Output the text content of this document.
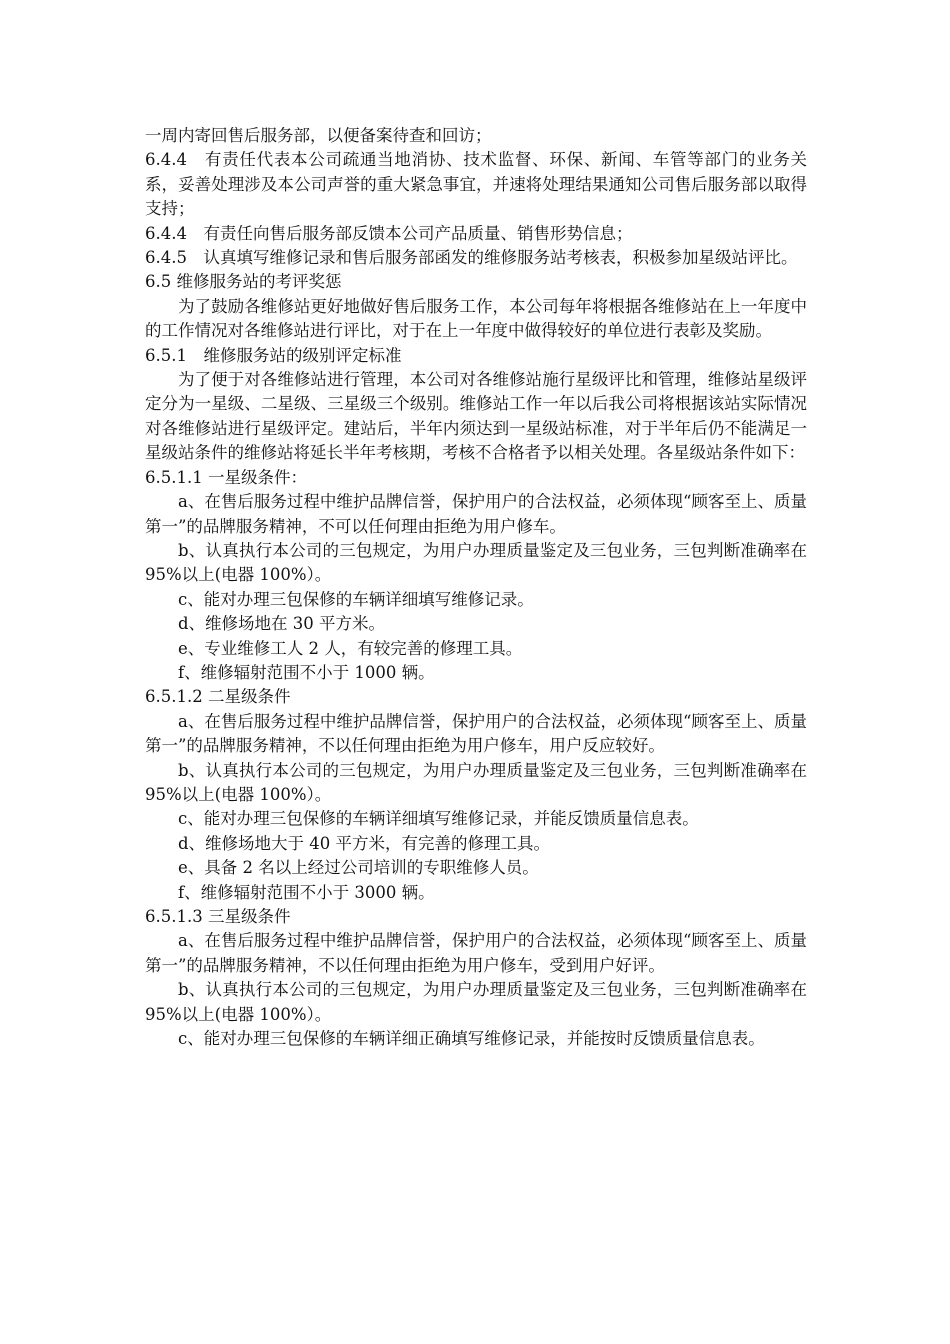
一周内寄回售后服务部，以便备案待查和回访；

6.4.4　有责任代表本公司疏通当地消协、技术监督、环保、新闻、车管等部门的业务关系，妥善处理涉及本公司声誉的重大紧急事宜，并速将处理结果通知公司售后服务部以取得支持；

6.4.4　有责任向售后服务部反馈本公司产品质量、销售形势信息；

6.4.5　认真填写维修记录和售后服务部函发的维修服务站考核表，积极参加星级站评比。

6.5 维修服务站的考评奖惩

为了鼓励各维修站更好地做好售后服务工作，本公司每年将根据各维修站在上一年度中的工作情况对各维修站进行评比，对于在上一年度中做得较好的单位进行表彰及奖励。

6.5.1　维修服务站的级别评定标准

为了便于对各维修站进行管理，本公司对各维修站施行星级评比和管理，维修站星级评定分为一星级、二星级、三星级三个级别。维修站工作一年以后我公司将根据该站实际情况对各维修站进行星级评定。建站后，半年内须达到一星级站标准，对于半年后仍不能满足一星级站条件的维修站将延长半年考核期，考核不合格者予以相关处理。各星级站条件如下：

6.5.1.1 一星级条件：

a、在售后服务过程中维护品牌信誉，保护用户的合法权益，必须体现“顾客至上、质量第一”的品牌服务精神，不可以任何理由拒绝为用户修车。

b、认真执行本公司的三包规定，为用户办理质量鉴定及三包业务，三包判断准确率在95%以上(电器 100%）。

c、能对办理三包保修的车辆详细填写维修记录。

d、维修场地在 30 平方米。

e、专业维修工人 2 人，有较完善的修理工具。

f、维修辐射范围不小于 1000 辆。

6.5.1.2 二星级条件

a、在售后服务过程中维护品牌信誉，保护用户的合法权益，必须体现“顾客至上、质量第一”的品牌服务精神，不以任何理由拒绝为用户修车，用户反应较好。

b、认真执行本公司的三包规定，为用户办理质量鉴定及三包业务，三包判断准确率在95%以上(电器 100%）。

c、能对办理三包保修的车辆详细填写维修记录，并能反馈质量信息表。

d、维修场地大于 40 平方米，有完善的修理工具。

e、具备 2 名以上经过公司培训的专职维修人员。

f、维修辐射范围不小于 3000 辆。

6.5.1.3 三星级条件

a、在售后服务过程中维护品牌信誉，保护用户的合法权益，必须体现“顾客至上、质量第一”的品牌服务精神，不以任何理由拒绝为用户修车，受到用户好评。

b、认真执行本公司的三包规定，为用户办理质量鉴定及三包业务，三包判断准确率在95%以上(电器 100%）。

c、能对办理三包保修的车辆详细正确填写维修记录，并能按时反馈质量信息表。
